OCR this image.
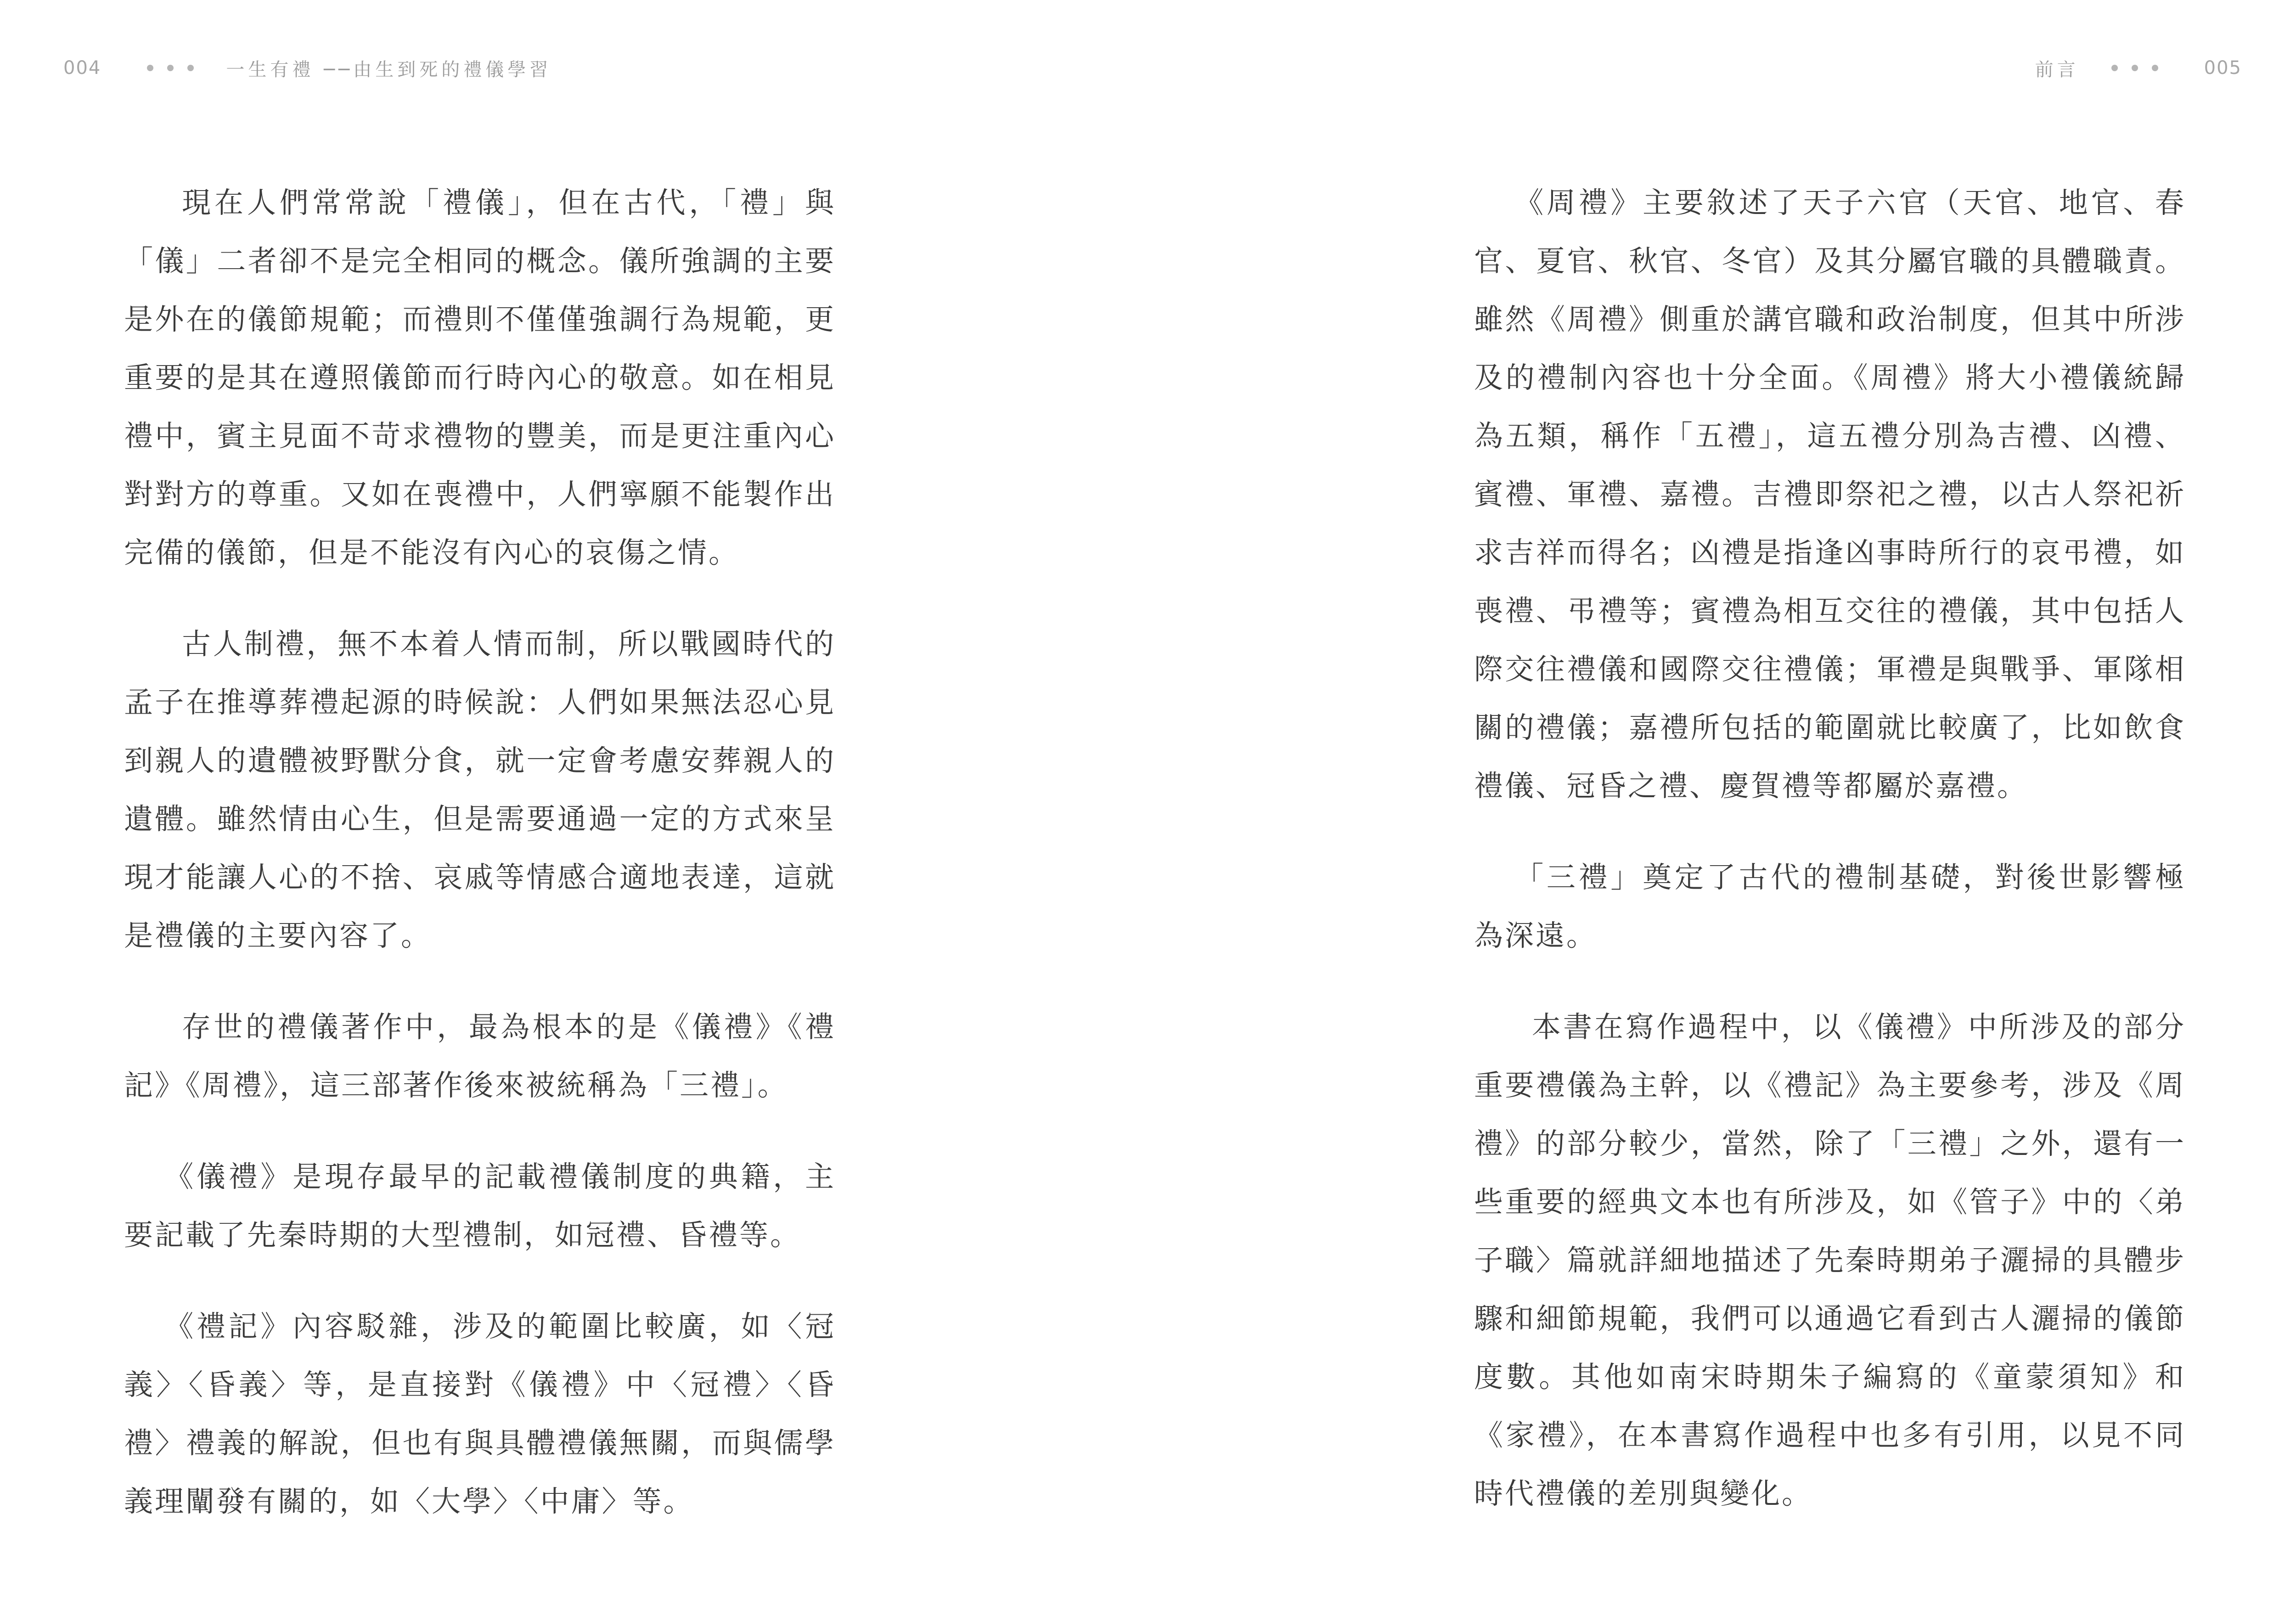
004	一生有禮 ──由生到死的禮儀學習

現在人們常常說「禮儀」，但在古代，「禮」與「儀」二者卻不是完全相同的概念。儀所強調的主要是外在的儀節規範；而禮則不僅僅強調行為規範，更重要的是其在遵照儀節而行時內心的敬意。如在相見禮中，賓主見面不苛求禮物的豐美，而是更注重內心對對方的尊重。又如在喪禮中，人們寧願不能製作出完備的儀節，但是不能沒有內心的哀傷之情。

古人制禮，無不本着人情而制，所以戰國時代的孟子在推導葬禮起源的時候說：人們如果無法忍心見到親人的遺體被野獸分食，就一定會考慮安葬親人的遺體。雖然情由心生，但是需要通過一定的方式來呈現才能讓人心的不捨、哀戚等情感合適地表達，這就是禮儀的主要內容了。

存世的禮儀著作中，最為根本的是《儀禮》《禮記》《周禮》，這三部著作後來被統稱為「三禮」。

《儀禮》是現存最早的記載禮儀制度的典籍，主要記載了先秦時期的大型禮制，如冠禮、昏禮等。

《禮記》內容駁雜，涉及的範圍比較廣，如〈冠義〉〈昏義〉等，是直接對《儀禮》中〈冠禮〉〈昏禮〉禮義的解說，但也有與具體禮儀無關，而與儒學義理闡發有關的，如〈大學〉〈中庸〉等。

前言	005

《周禮》主要敘述了天子六官（天官、地官、春官、夏官、秋官、冬官）及其分屬官職的具體職責。雖然《周禮》側重於講官職和政治制度，但其中所涉及的禮制內容也十分全面。《周禮》將大小禮儀統歸為五類，稱作「五禮」，這五禮分別為吉禮、凶禮、賓禮、軍禮、嘉禮。吉禮即祭祀之禮，以古人祭祀祈求吉祥而得名；凶禮是指逢凶事時所行的哀弔禮，如喪禮、弔禮等；賓禮為相互交往的禮儀，其中包括人際交往禮儀和國際交往禮儀；軍禮是與戰爭、軍隊相關的禮儀；嘉禮所包括的範圍就比較廣了，比如飲食禮儀、冠昏之禮、慶賀禮等都屬於嘉禮。

「三禮」奠定了古代的禮制基礎，對後世影響極為深遠。

本書在寫作過程中，以《儀禮》中所涉及的部分重要禮儀為主幹，以《禮記》為主要參考，涉及《周禮》的部分較少，當然，除了「三禮」之外，還有一些重要的經典文本也有所涉及，如《管子》中的〈弟子職〉篇就詳細地描述了先秦時期弟子灑掃的具體步驟和細節規範，我們可以通過它看到古人灑掃的儀節度數。其他如南宋時期朱子編寫的《童蒙須知》和《家禮》，在本書寫作過程中也多有引用，以見不同時代禮儀的差別與變化。
